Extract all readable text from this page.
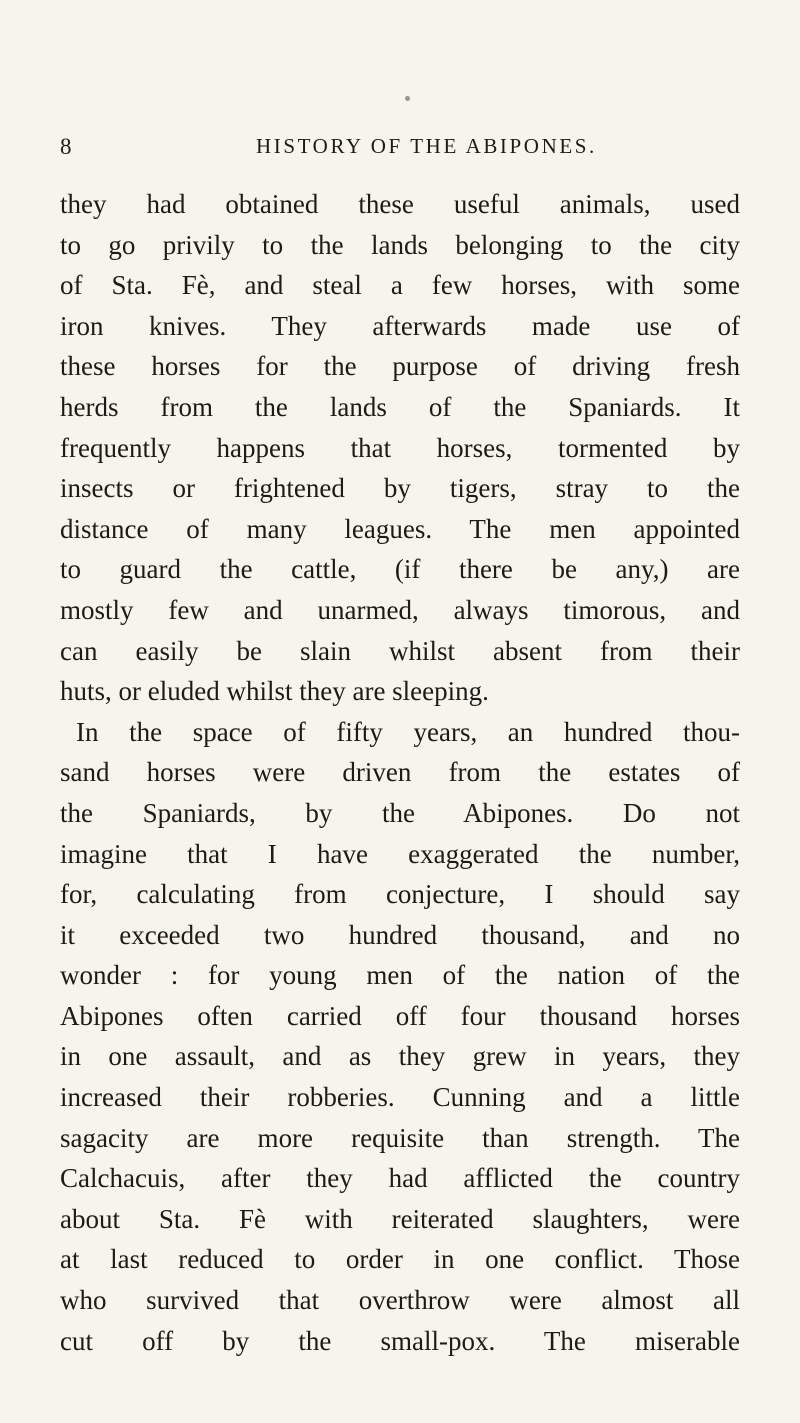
8	HISTORY OF THE ABIPONES.
they had obtained these useful animals, used
to go privily to the lands belonging to the city
of Sta. Fè, and steal a few horses, with some
iron knives. They afterwards made use of
these horses for the purpose of driving fresh
herds from the lands of the Spaniards. It
frequently happens that horses, tormented by
insects or frightened by tigers, stray to the
distance of many leagues. The men appointed
to guard the cattle, (if there be any,) are
mostly few and unarmed, always timorous, and
can easily be slain whilst absent from their
huts, or eluded whilst they are sleeping.
In the space of fifty years, an hundred thou-
sand horses were driven from the estates of
the Spaniards, by the Abipones. Do not
imagine that I have exaggerated the number,
for, calculating from conjecture, I should say
it exceeded two hundred thousand, and no
wonder : for young men of the nation of the
Abipones often carried off four thousand horses
in one assault, and as they grew in years, they
increased their robberies. Cunning and a little
sagacity are more requisite than strength. The
Calchacuis, after they had afflicted the country
about Sta. Fè with reiterated slaughters, were
at last reduced to order in one conflict. Those
who survived that overthrow were almost all
cut off by the small-pox. The miserable
